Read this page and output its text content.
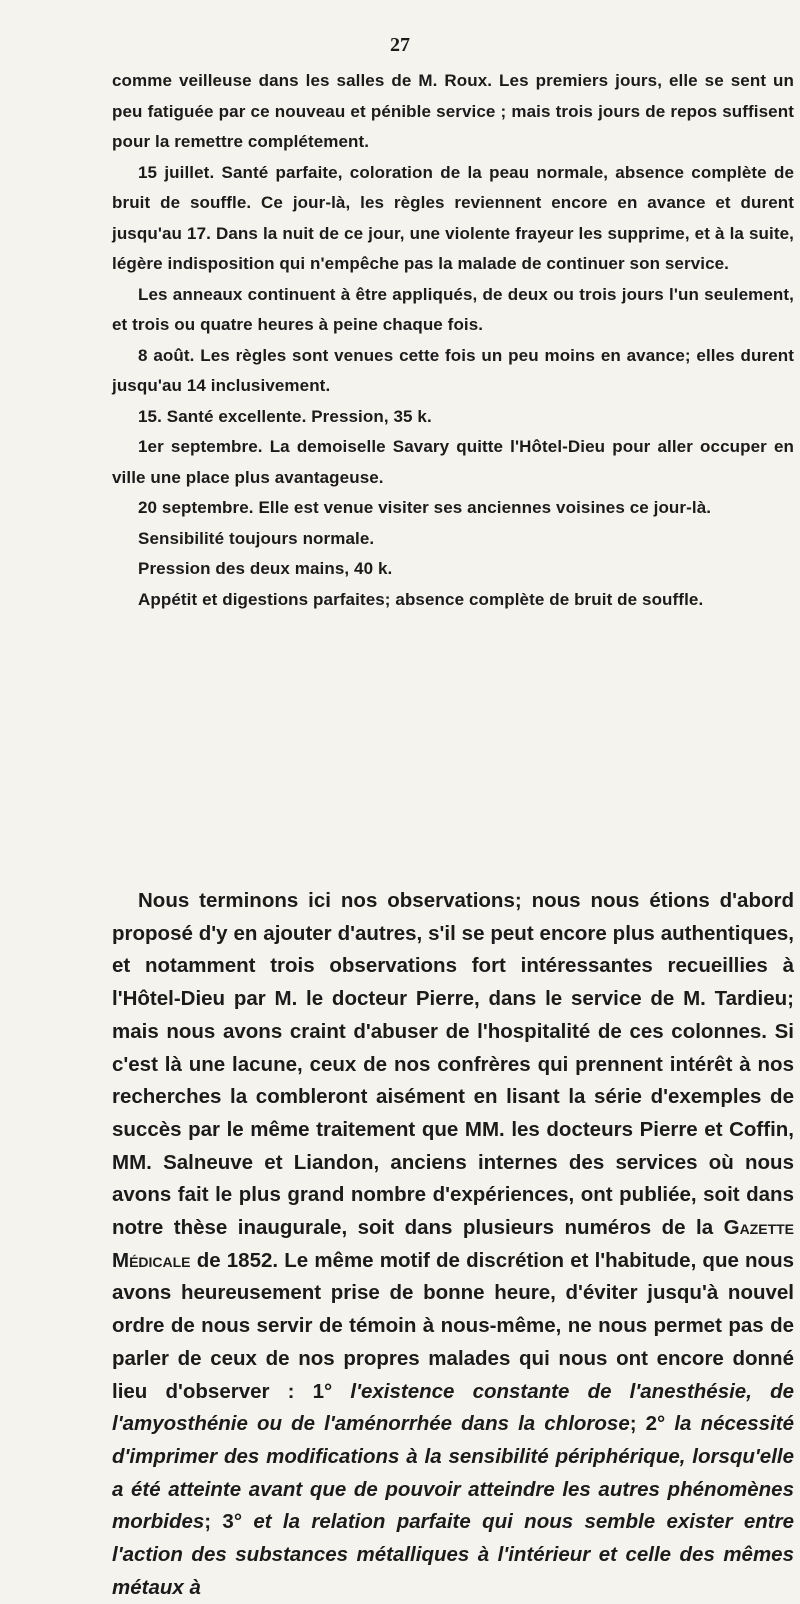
27

comme veilleuse dans les salles de M. Roux. Les premiers jours, elle se sent un peu fatiguée par ce nouveau et pénible service ; mais trois jours de repos suffisent pour la remettre complétement.

15 juillet. Santé parfaite, coloration de la peau normale, absence complète de bruit de souffle. Ce jour-là, les règles reviennent encore en avance et durent jusqu'au 17. Dans la nuit de ce jour, une violente frayeur les supprime, et à la suite, légère indisposition qui n'empêche pas la malade de continuer son service.

Les anneaux continuent à être appliqués, de deux ou trois jours l'un seulement, et trois ou quatre heures à peine chaque fois.

8 août. Les règles sont venues cette fois un peu moins en avance; elles durent jusqu'au 14 inclusivement.

15. Santé excellente. Pression, 35 k.

1er septembre. La demoiselle Savary quitte l'Hôtel-Dieu pour aller occuper en ville une place plus avantageuse.

20 septembre. Elle est venue visiter ses anciennes voisines ce jour-là.

Sensibilité toujours normale.

Pression des deux mains, 40 k.

Appétit et digestions parfaites; absence complète de bruit de souffle.

Nous terminons ici nos observations; nous nous étions d'abord proposé d'y en ajouter d'autres, s'il se peut encore plus authentiques, et notamment trois observations fort intéressantes recueillies à l'Hôtel-Dieu par M. le docteur Pierre, dans le service de M. Tardieu; mais nous avons craint d'abuser de l'hospitalité de ces colonnes. Si c'est là une lacune, ceux de nos confrères qui prennent intérêt à nos recherches la combleront aisément en lisant la série d'exemples de succès par le même traitement que MM. les docteurs Pierre et Coffin, MM. Salneuve et Liandon, anciens internes des services où nous avons fait le plus grand nombre d'expériences, ont publiée, soit dans notre thèse inaugurale, soit dans plusieurs numéros de la Gazette Médicale de 1852. Le même motif de discrétion et l'habitude, que nous avons heureusement prise de bonne heure, d'éviter jusqu'à nouvel ordre de nous servir de témoin à nous-même, ne nous permet pas de parler de ceux de nos propres malades qui nous ont encore donné lieu d'observer : 1° l'existence constante de l'anesthésie, de l'amyosthénie ou de l'aménorrhée dans la chlorose; 2° la nécessité d'imprimer des modifications à la sensibilité périphérique, lorsqu'elle a été atteinte avant que de pouvoir atteindre les autres phénomènes morbides; 3° et la relation parfaite qui nous semble exister entre l'action des substances métalliques à l'intérieur et celle des mêmes métaux à
